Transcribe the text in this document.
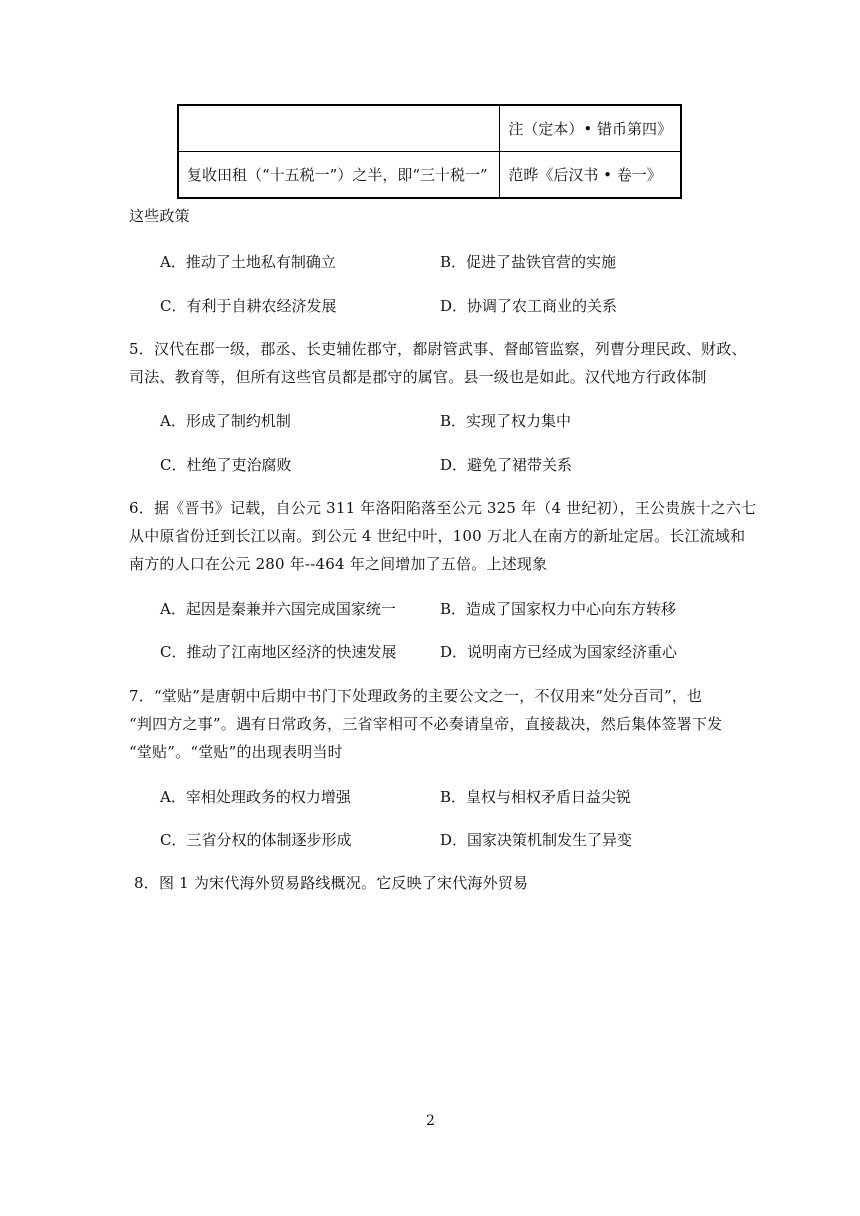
	注（定本）• 错币第四》
复收田租（“十五税一”）之半，即“三十税一”	范晔《后汉书 • 卷一》
这些政策
A．推动了土地私有制确立	B．促进了盐铁官营的实施
C．有利于自耕农经济发展	D．协调了农工商业的关系
5．汉代在郡一级，郡丞、长吏辅佐郡守，都尉管武事、督邮管监察，列曹分理民政、财政、
司法、教育等，但所有这些官员都是郡守的属官。县一级也是如此。汉代地方行政体制
A．形成了制约机制	B．实现了权力集中
C．杜绝了吏治腐败	D．避免了裙带关系
6．据《晋书》记载，自公元 311 年洛阳陷落至公元 325 年（4 世纪初），王公贵族十之六七
从中原省份迁到长江以南。到公元 4 世纪中叶，100 万北人在南方的新址定居。长江流域和
南方的人口在公元 280 年--464 年之间增加了五倍。上述现象
A．起因是秦兼并六国完成国家统一	B．造成了国家权力中心向东方转移
C．推动了江南地区经济的快速发展	D．说明南方已经成为国家经济重心
7．“堂贴”是唐朝中后期中书门下处理政务的主要公文之一，不仅用来“处分百司”，也
“判四方之事”。遇有日常政务，三省宰相可不必奏请皇帝，直接裁决，然后集体签署下发
“堂贴”。“堂贴”的出现表明当时
A．宰相处理政务的权力增强	B．皇权与相权矛盾日益尖锐
C．三省分权的体制逐步形成	D．国家决策机制发生了异变
8．图 1 为宋代海外贸易路线概况。它反映了宋代海外贸易
2
